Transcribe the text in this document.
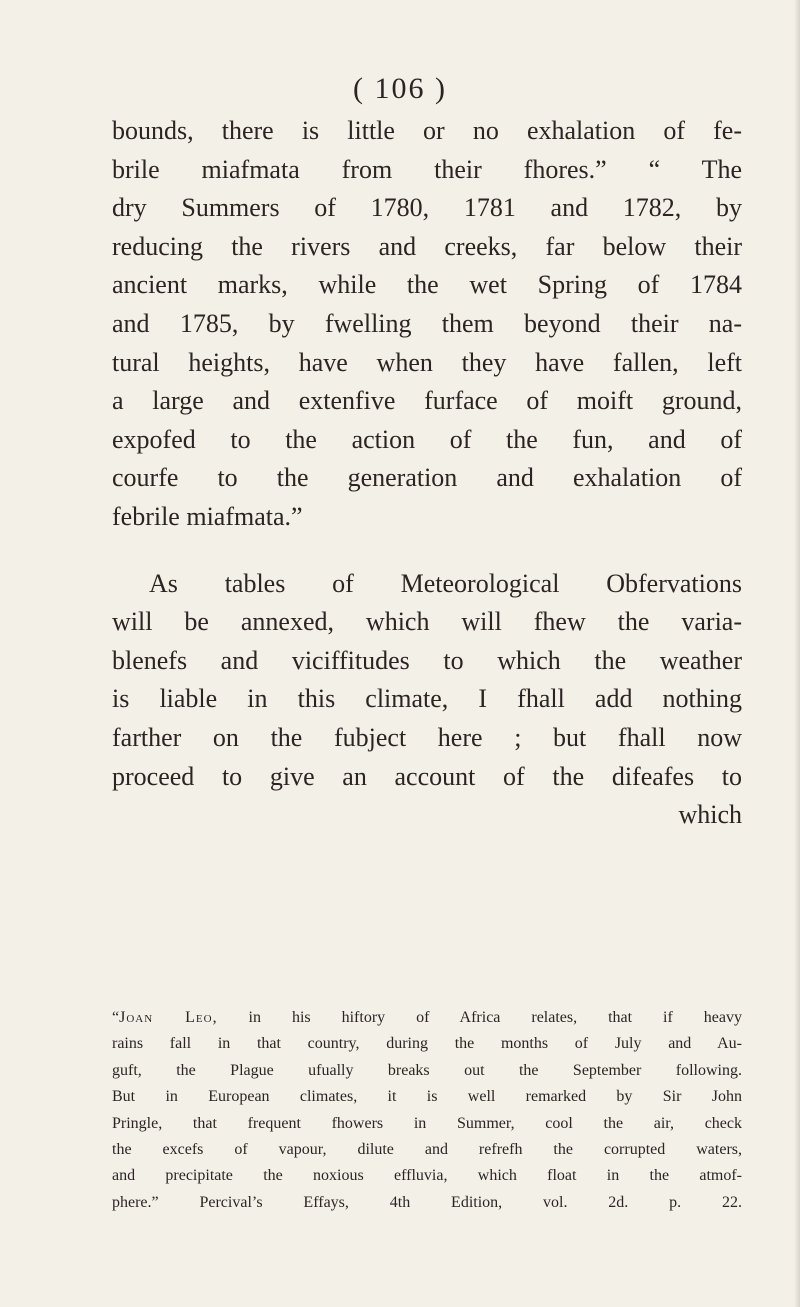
( 106 )
bounds, there is little or no exhalation of fe-
brile miafmata from their fhores.” “ The
dry Summers of 1780, 1781 and 1782, by
reducing the rivers and creeks, far below their
ancient marks, while the wet Spring of 1784
and 1785, by fwelling them beyond their na-
tural heights, have when they have fallen, left
a large and extenfive furface of moift ground,
expofed to the action of the fun, and of
courfe to the generation and exhalation of
febrile miafmata.”
As tables of Meteorological Obfervations
will be annexed, which will fhew the varia-
blenefs and viciffitudes to which the weather
is liable in this climate, I fhall add nothing
farther on the fubject here ; but fhall now
proceed to give an account of the difeafes to
which
“Joan Leo, in his hiftory of Africa relates, that if heavy
rains fall in that country, during the months of July and Au-
guft, the Plague ufually breaks out the September following.
But in European climates, it is well remarked by Sir John
Pringle, that frequent fhowers in Summer, cool the air, check
the excefs of vapour, dilute and refrefh the corrupted waters,
and precipitate the noxious effluvia, which float in the atmof-
phere.” Percival’s Effays, 4th Edition, vol. 2d. p. 22.
